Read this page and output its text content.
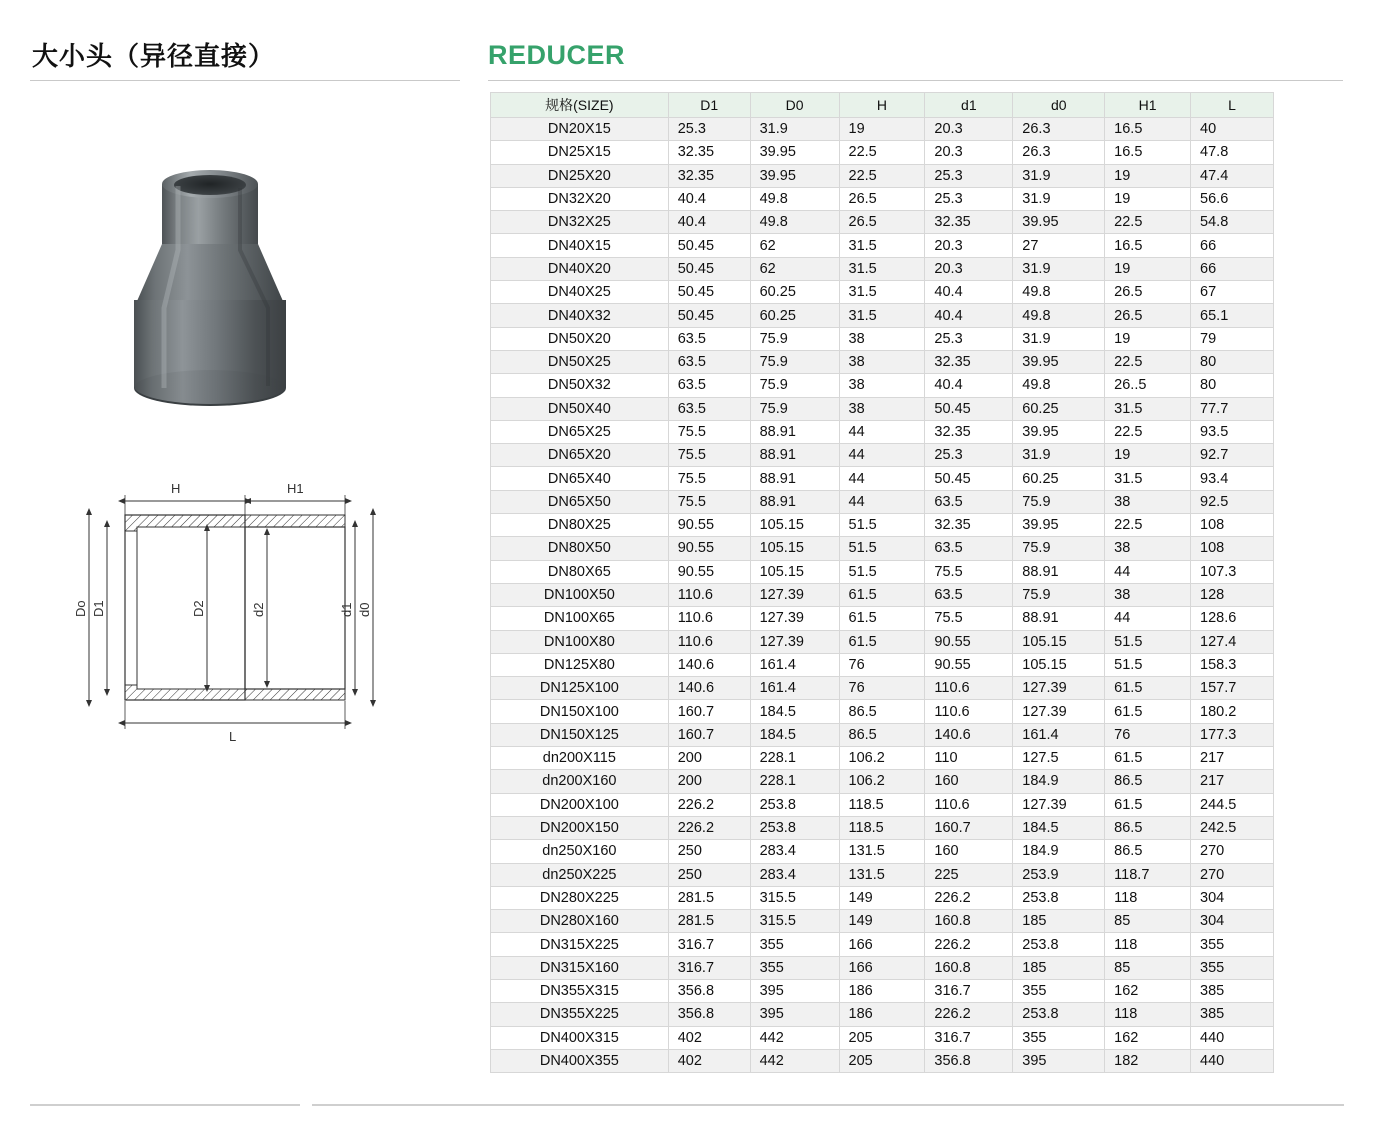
大小头（异径直接）	REDUCER
H	H1
Do D1	D2	d2	d1 d0
L
规格(SIZE)	D1	D0	H	d1	d0	H1	L
DN20X15	25.3	31.9	19	20.3	26.3	16.5	40
DN25X15	32.35	39.95	22.5	20.3	26.3	16.5	47.8
DN25X20	32.35	39.95	22.5	25.3	31.9	19	47.4
DN32X20	40.4	49.8	26.5	25.3	31.9	19	56.6
DN32X25	40.4	49.8	26.5	32.35	39.95	22.5	54.8
DN40X15	50.45	62	31.5	20.3	27	16.5	66
DN40X20	50.45	62	31.5	20.3	31.9	19	66
DN40X25	50.45	60.25	31.5	40.4	49.8	26.5	67
DN40X32	50.45	60.25	31.5	40.4	49.8	26.5	65.1
DN50X20	63.5	75.9	38	25.3	31.9	19	79
DN50X25	63.5	75.9	38	32.35	39.95	22.5	80
DN50X32	63.5	75.9	38	40.4	49.8	26..5	80
DN50X40	63.5	75.9	38	50.45	60.25	31.5	77.7
DN65X25	75.5	88.91	44	32.35	39.95	22.5	93.5
DN65X20	75.5	88.91	44	25.3	31.9	19	92.7
DN65X40	75.5	88.91	44	50.45	60.25	31.5	93.4
DN65X50	75.5	88.91	44	63.5	75.9	38	92.5
DN80X25	90.55	105.15	51.5	32.35	39.95	22.5	108
DN80X50	90.55	105.15	51.5	63.5	75.9	38	108
DN80X65	90.55	105.15	51.5	75.5	88.91	44	107.3
DN100X50	110.6	127.39	61.5	63.5	75.9	38	128
DN100X65	110.6	127.39	61.5	75.5	88.91	44	128.6
DN100X80	110.6	127.39	61.5	90.55	105.15	51.5	127.4
DN125X80	140.6	161.4	76	90.55	105.15	51.5	158.3
DN125X100	140.6	161.4	76	110.6	127.39	61.5	157.7
DN150X100	160.7	184.5	86.5	110.6	127.39	61.5	180.2
DN150X125	160.7	184.5	86.5	140.6	161.4	76	177.3
dn200X115	200	228.1	106.2	110	127.5	61.5	217
dn200X160	200	228.1	106.2	160	184.9	86.5	217
DN200X100	226.2	253.8	118.5	110.6	127.39	61.5	244.5
DN200X150	226.2	253.8	118.5	160.7	184.5	86.5	242.5
dn250X160	250	283.4	131.5	160	184.9	86.5	270
dn250X225	250	283.4	131.5	225	253.9	118.7	270
DN280X225	281.5	315.5	149	226.2	253.8	118	304
DN280X160	281.5	315.5	149	160.8	185	85	304
DN315X225	316.7	355	166	226.2	253.8	118	355
DN315X160	316.7	355	166	160.8	185	85	355
DN355X315	356.8	395	186	316.7	355	162	385
DN355X225	356.8	395	186	226.2	253.8	118	385
DN400X315	402	442	205	316.7	355	162	440
DN400X355	402	442	205	356.8	395	182	440
